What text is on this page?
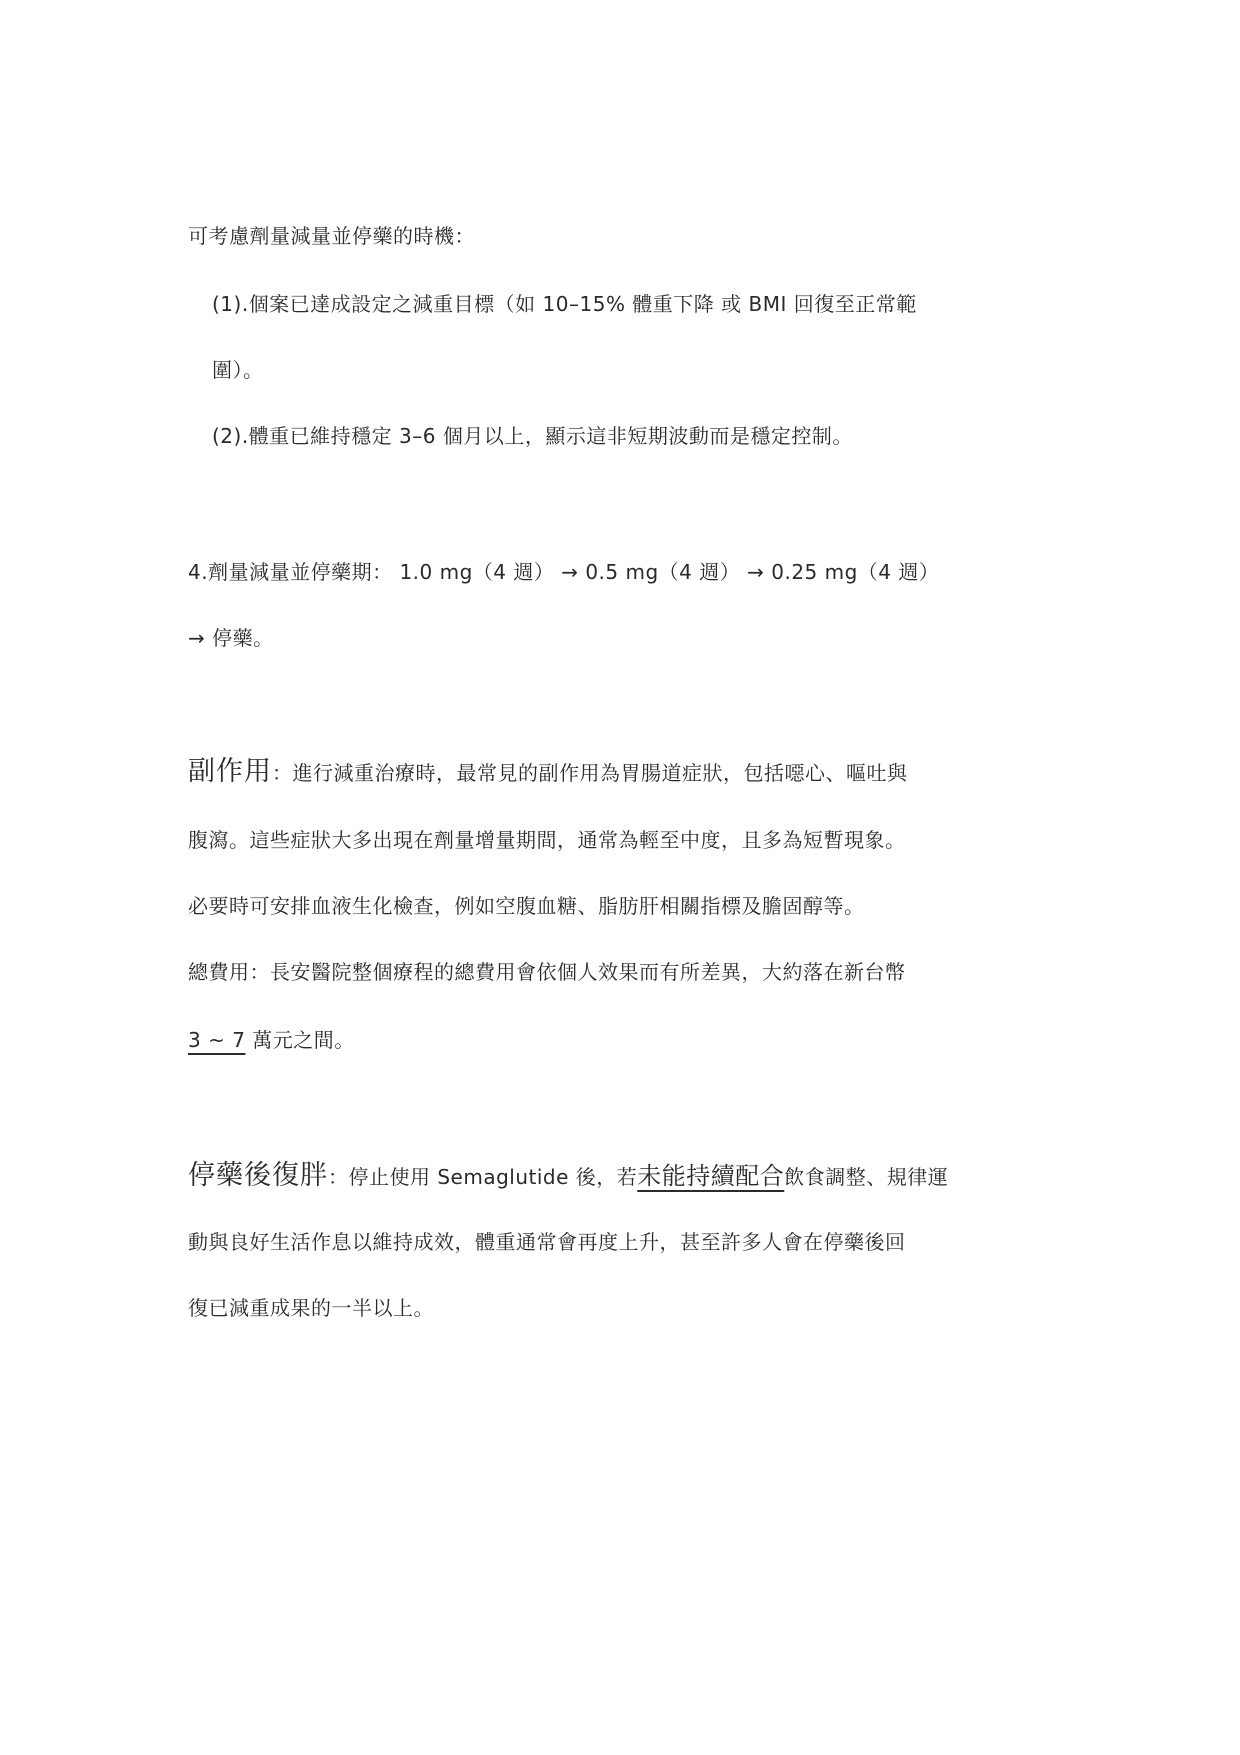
可考慮劑量減量並停藥的時機：
(1).個案已達成設定之減重目標（如 10–15% 體重下降 或 BMI 回復至正常範
圍）。
(2).體重已維持穩定 3–6 個月以上，顯示這非短期波動而是穩定控制。
4.劑量減量並停藥期： 1.0 mg（4 週） → 0.5 mg（4 週） → 0.25 mg（4 週）
→ 停藥。
副作用：進行減重治療時，最常見的副作用為胃腸道症狀，包括噁心、嘔吐與
腹瀉。這些症狀大多出現在劑量增量期間，通常為輕至中度，且多為短暫現象。
必要時可安排血液生化檢查，例如空腹血糖、脂肪肝相關指標及膽固醇等。
總費用：長安醫院整個療程的總費用會依個人效果而有所差異，大約落在新台幣
3 ~ 7 萬元之間。
停藥後復胖：停止使用 Semaglutide 後，若未能持續配合飲食調整、規律運
動與良好生活作息以維持成效，體重通常會再度上升，甚至許多人會在停藥後回
復已減重成果的一半以上。
